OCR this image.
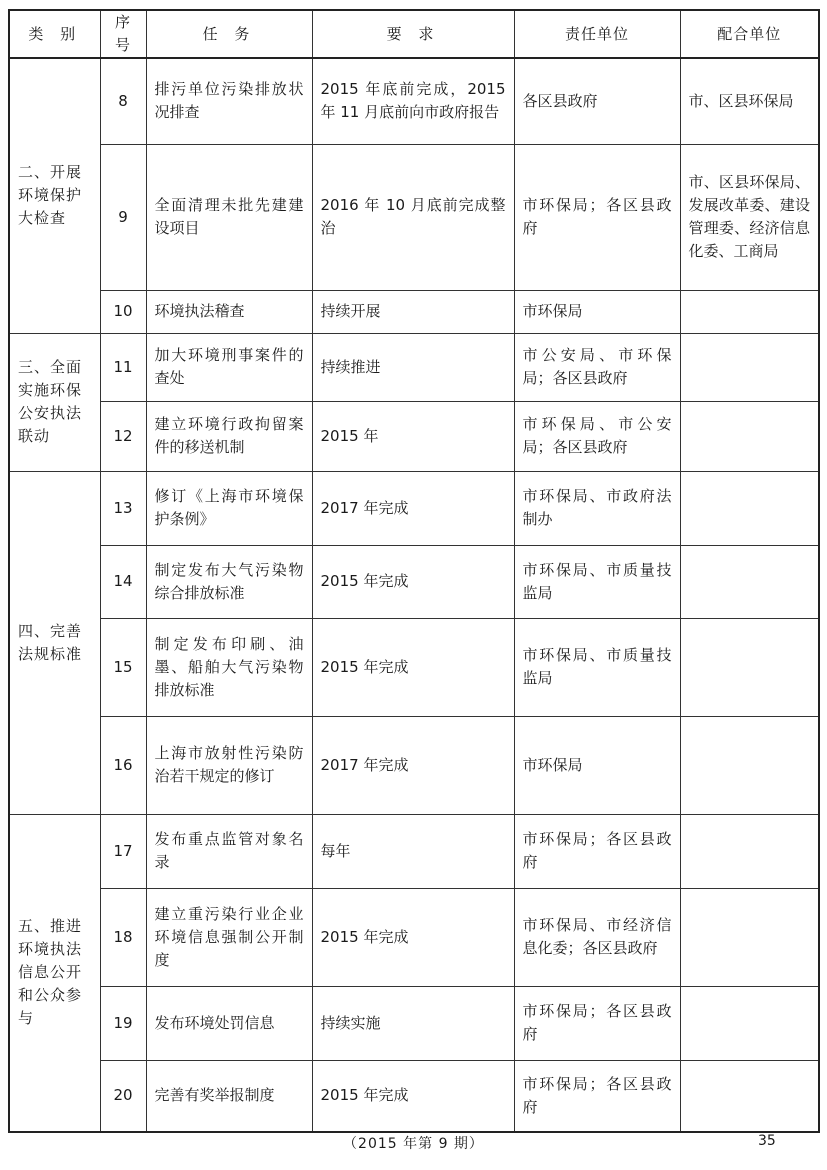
类 别	序号	任 务	要 求	责任单位	配合单位
二、开展环境保护大检查	8	排污单位污染排放状况排查	2015 年底前完成，2015 年 11 月底前向市政府报告	各区县政府	市、区县环保局
	9	全面清理未批先建建设项目	2016 年 10 月底前完成整治	市环保局；各区县政府	市、区县环保局、发展改革委、建设管理委、经济信息化委、工商局
	10	环境执法稽查	持续开展	市环保局	
三、全面实施环保公安执法联动	11	加大环境刑事案件的查处	持续推进	市公安局、市环保局；各区县政府	
	12	建立环境行政拘留案件的移送机制	2015 年	市环保局、市公安局；各区县政府	
四、完善法规标准	13	修订《上海市环境保护条例》	2017 年完成	市环保局、市政府法制办	
	14	制定发布大气污染物综合排放标准	2015 年完成	市环保局、市质量技监局	
	15	制定发布印刷、油墨、船舶大气污染物排放标准	2015 年完成	市环保局、市质量技监局	
	16	上海市放射性污染防治若干规定的修订	2017 年完成	市环保局	
五、推进环境执法信息公开和公众参与	17	发布重点监管对象名录	每年	市环保局；各区县政府	
	18	建立重污染行业企业环境信息强制公开制度	2015 年完成	市环保局、市经济信息化委；各区县政府	
	19	发布环境处罚信息	持续实施	市环保局；各区县政府	
	20	完善有奖举报制度	2015 年完成	市环保局；各区县政府	
（2015 年第 9 期）	35
